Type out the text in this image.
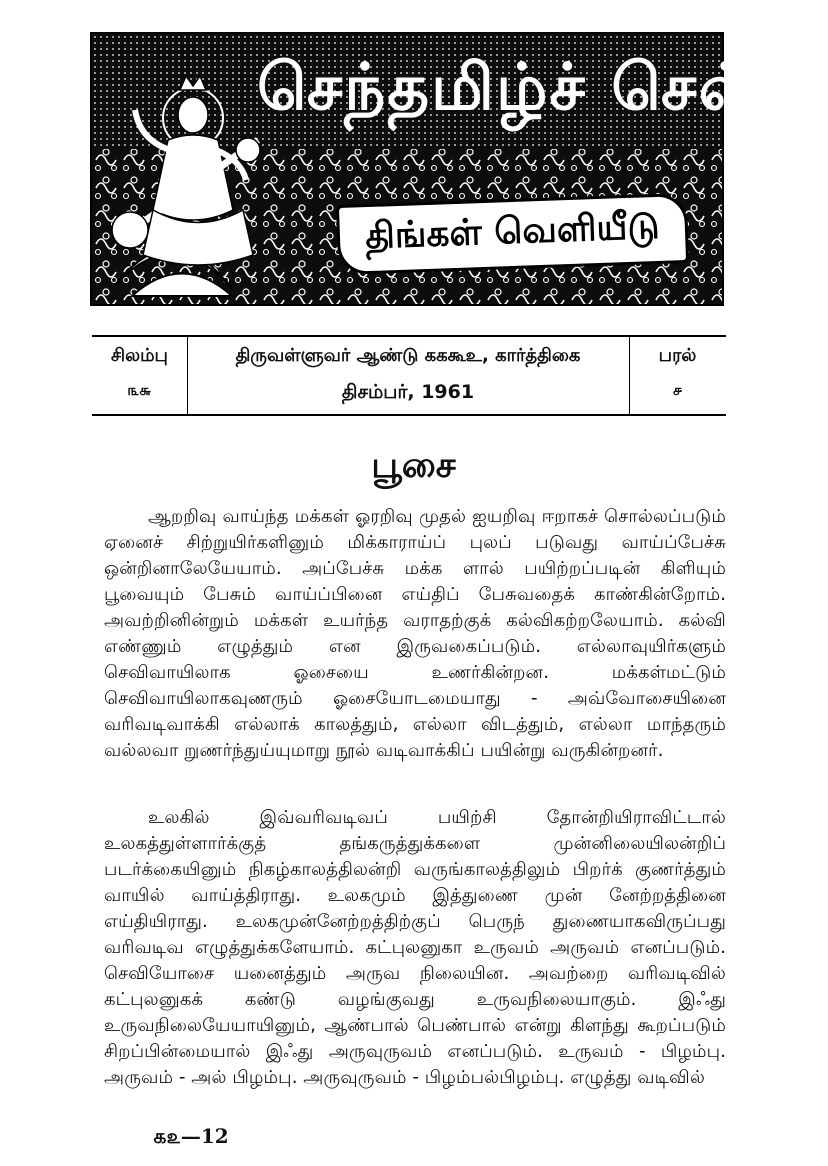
செந்தமிழ்ச் செல்வி
திங்கள் வெளியீடு
சிலம்பு
௩௬
திருவள்ளுவர் ஆண்டு கககூஉ, கார்த்திகை
திசம்பர், 1961
பரல்
௪
பூசை

ஆறறிவு வாய்ந்த மக்கள் ஓரறிவு முதல் ஐயறிவு ஈறாகச் சொல்லப்படும் ஏனைச் சிற்றுயிர்களினும் மிக்காராய்ப் புலப் படுவது வாய்ப்பேச்சு ஒன்றினாலேயேயாம். அப்பேச்சு மக்க ளால் பயிற்றப்படின் கிளியும் பூவையும் பேசும் வாய்ப்பினை எய்திப் பேசுவதைக் காண்கின்றோம். அவற்றினின்றும் மக்கள் உயர்ந்த வராதற்குக் கல்விகற்றலேயாம். கல்வி எண்ணும் எழுத்தும் என இருவகைப்படும். எல்லாவுயிர்களும் செவிவாயிலாக ஓசையை உணர்கின்றன. மக்கள்மட்டும் செவிவாயிலாகவுணரும் ஓசையோடமையாது - அவ்வோசையினை வரிவடிவாக்கி எல்லாக் காலத்தும், எல்லா விடத்தும், எல்லா மாந்தரும் வல்லவா றுணர்ந்துய்யுமாறு நூல் வடிவாக்கிப் பயின்று வருகின்றனர்.

உலகில் இவ்வரிவடிவப் பயிற்சி தோன்றியிராவிட்டால் உலகத்துள்ளார்க்குத் தங்கருத்துக்களை முன்னிலையிலன்றிப் படர்க்கையினும் நிகழ்காலத்திலன்றி வருங்காலத்திலும் பிறர்க் குணர்த்தும் வாயில் வாய்த்திராது. உலகமும் இத்துணை முன் னேற்றத்தினை எய்தியிராது. உலகமுன்னேற்றத்திற்குப் பெருந் துணையாகவிருப்பது வரிவடிவ எழுத்துக்களேயாம். கட்புலனுகா உருவம் அருவம் எனப்படும். செவியோசை யனைத்தும் அருவ நிலையின. அவற்றை வரிவடிவில் கட்புலனுகக் கண்டு வழங்குவது உருவநிலையாகும். இஃது உருவநிலையேயாயினும், ஆண்பால் பெண்பால் என்று கிளந்து கூறப்படும் சிறப்பின்மையால் இஃது அருவுருவம் எனப்படும். உருவம் - பிழம்பு. அருவம் - அல் பிழம்பு. அருவுருவம் - பிழம்பல்பிழம்பு. எழுத்து வடிவில்

௧௨—12
